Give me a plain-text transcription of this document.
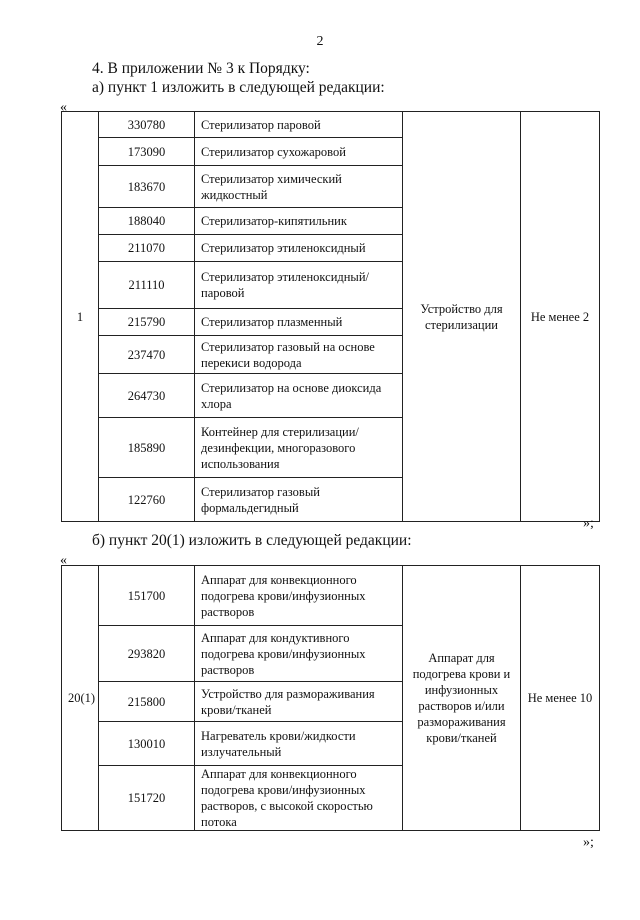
2
4. В приложении № 3 к Порядку:
а) пункт 1 изложить в следующей редакции:
«
1	330780	Стерилизатор паровой	Устройство для стерилизации	Не менее 2
	173090	Стерилизатор сухожаровой		
	183670	Стерилизатор химический жидкостный		
	188040	Стерилизатор-кипятильник		
	211070	Стерилизатор этиленоксидный		
	211110	Стерилизатор этиленоксидный/паровой		
	215790	Стерилизатор плазменный		
	237470	Стерилизатор газовый на основе перекиси водорода		
	264730	Стерилизатор на основе диоксида хлора		
	185890	Контейнер для стерилизации/дезинфекции, многоразового использования		
	122760	Стерилизатор газовый формальдегидный		
»;
б) пункт 20(1) изложить в следующей редакции:
«
20(1)	151700	Аппарат для конвекционного подогрева крови/инфузионных растворов	Аппарат для подогрева крови и инфузионных растворов и/или размораживания крови/тканей	Не менее 10
	293820	Аппарат для кондуктивного подогрева крови/инфузионных растворов		
	215800	Устройство для размораживания крови/тканей		
	130010	Нагреватель крови/жидкости излучательный		
	151720	Аппарат для конвекционного подогрева крови/инфузионных растворов, с высокой скоростью потока		
»;
